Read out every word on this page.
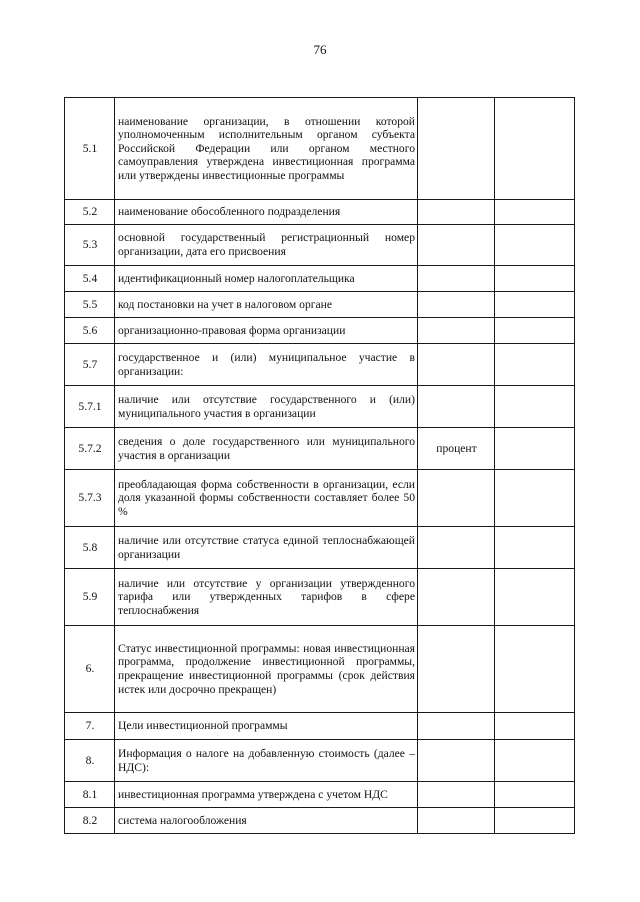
76
5.1	наименование организации, в отношении которой уполномоченным исполнительным органом субъекта Российской Федерации или органом местного самоуправления утверждена инвестиционная программа или утверждены инвестиционные программы		
5.2	наименование обособленного подразделения		
5.3	основной государственный регистрационный номер организации, дата его присвоения		
5.4	идентификационный номер налогоплательщика		
5.5	код постановки на учет в налоговом органе		
5.6	организационно-правовая форма организации		
5.7	государственное и (или) муниципальное участие в организации:		
5.7.1	наличие или отсутствие государственного и (или) муниципального участия в организации		
5.7.2	сведения о доле государственного или муниципального участия в организации	процент	
5.7.3	преобладающая форма собственности в организации, если доля указанной формы собственности составляет более 50 %		
5.8	наличие или отсутствие статуса единой теплоснабжающей организации		
5.9	наличие или отсутствие у организации утвержденного тарифа или утвержденных тарифов в сфере теплоснабжения		
6.	Статус инвестиционной программы: новая инвестиционная программа, продолжение инвестиционной программы, прекращение инвестиционной программы (срок действия истек или досрочно прекращен)		
7.	Цели инвестиционной программы		
8.	Информация о налоге на добавленную стоимость (далее – НДС):		
8.1	инвестиционная программа утверждена с учетом НДС		
8.2	система налогообложения		
